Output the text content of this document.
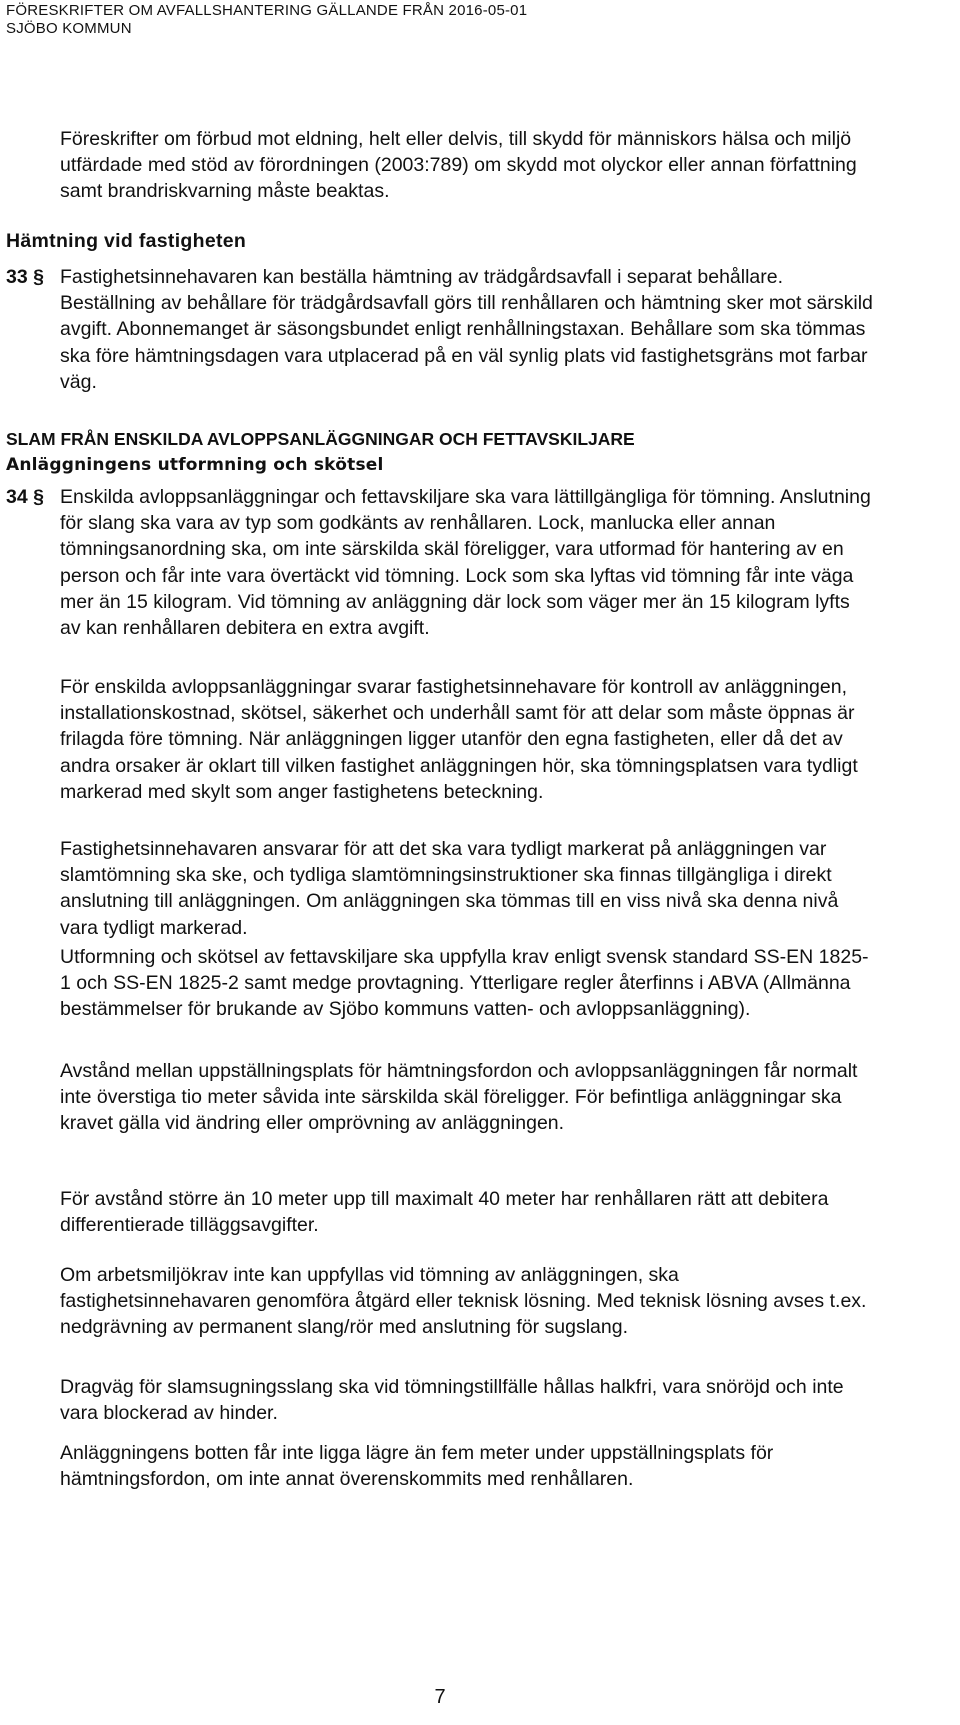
FÖRESKRIFTER OM AVFALLSHANTERING GÄLLANDE FRÅN 2016-05-01
SJÖBO KOMMUN

Föreskrifter om förbud mot eldning, helt eller delvis, till skydd för människors hälsa och miljö utfärdade med stöd av förordningen (2003:789) om skydd mot olyckor eller annan författning samt brandriskvarning måste beaktas.

Hämtning vid fastigheten

33 § Fastighetsinnehavaren kan beställa hämtning av trädgårdsavfall i separat behållare. Beställning av behållare för trädgårdsavfall görs till renhållaren och hämtning sker mot särskild avgift. Abonnemanget är säsongsbundet enligt renhållningstaxan. Behållare som ska tömmas ska före hämtningsdagen vara utplacerad på en väl synlig plats vid fastighetsgräns mot farbar väg.

SLAM FRÅN ENSKILDA AVLOPPSANLÄGGNINGAR OCH FETTAVSKILJARE

Anläggningens utformning och skötsel

34 § Enskilda avloppsanläggningar och fettavskiljare ska vara lättillgängliga för tömning. Anslutning för slang ska vara av typ som godkänts av renhållaren. Lock, manlucka eller annan tömningsanordning ska, om inte särskilda skäl föreligger, vara utformad för hantering av en person och får inte vara övertäckt vid tömning. Lock som ska lyftas vid tömning får inte väga mer än 15 kilogram. Vid tömning av anläggning där lock som väger mer än 15 kilogram lyfts av kan renhållaren debitera en extra avgift.

För enskilda avloppsanläggningar svarar fastighetsinnehavare för kontroll av anläggningen, installationskostnad, skötsel, säkerhet och underhåll samt för att delar som måste öppnas är frilagda före tömning. När anläggningen ligger utanför den egna fastigheten, eller då det av andra orsaker är oklart till vilken fastighet anläggningen hör, ska tömningsplatsen vara tydligt markerad med skylt som anger fastighetens beteckning.

Fastighetsinnehavaren ansvarar för att det ska vara tydligt markerat på anläggningen var slamtömning ska ske, och tydliga slamtömningsinstruktioner ska finnas tillgängliga i direkt anslutning till anläggningen. Om anläggningen ska tömmas till en viss nivå ska denna nivå vara tydligt markerad.

Utformning och skötsel av fettavskiljare ska uppfylla krav enligt svensk standard SS-EN 1825-1 och SS-EN 1825-2 samt medge provtagning. Ytterligare regler återfinns i ABVA (Allmänna bestämmelser för brukande av Sjöbo kommuns vatten- och avloppsanläggning).

Avstånd mellan uppställningsplats för hämtningsfordon och avloppsanläggningen får normalt inte överstiga tio meter såvida inte särskilda skäl föreligger. För befintliga anläggningar ska kravet gälla vid ändring eller omprövning av anläggningen.

För avstånd större än 10 meter upp till maximalt 40 meter har renhållaren rätt att debitera differentierade tilläggsavgifter.

Om arbetsmiljökrav inte kan uppfyllas vid tömning av anläggningen, ska fastighetsinnehavaren genomföra åtgärd eller teknisk lösning. Med teknisk lösning avses t.ex. nedgrävning av permanent slang/rör med anslutning för sugslang.

Dragväg för slamsugningsslang ska vid tömningstillfälle hållas halkfri, vara snöröjd och inte vara blockerad av hinder.

Anläggningens botten får inte ligga lägre än fem meter under uppställningsplats för hämtningsfordon, om inte annat överenskommits med renhållaren.

7
